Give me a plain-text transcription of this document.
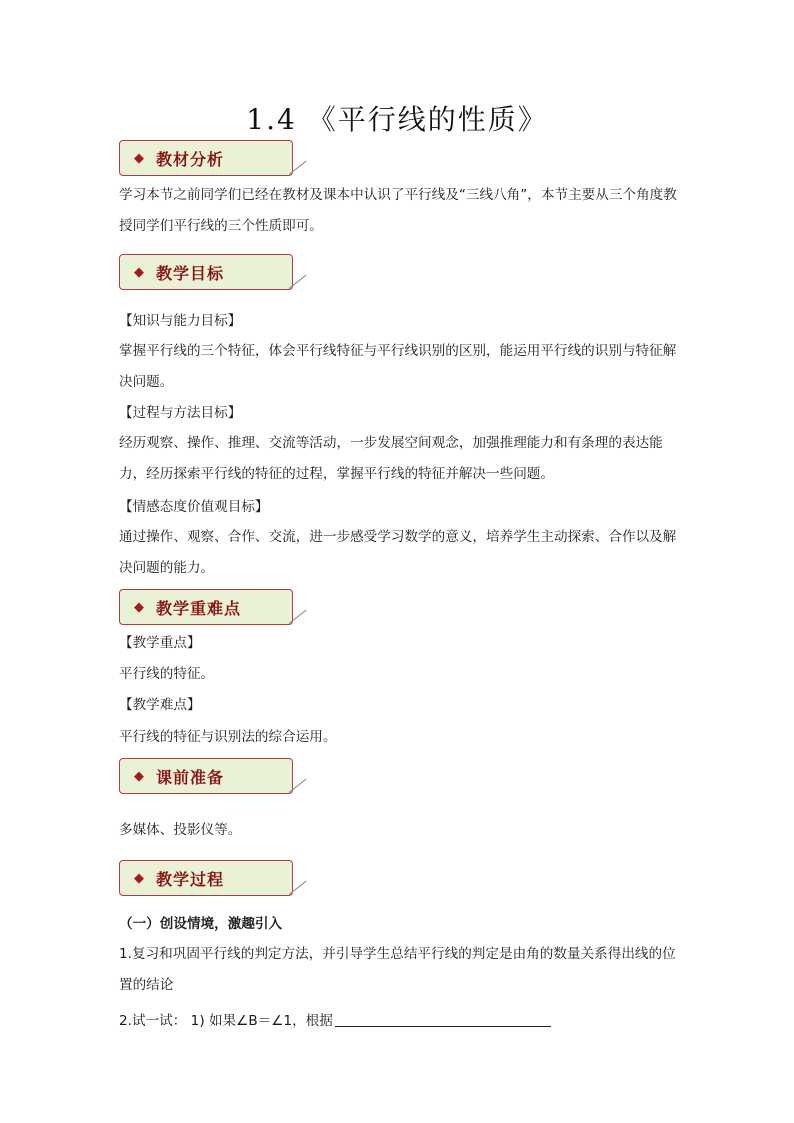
1.4 《平行线的性质》
◆ 教材分析

学习本节之前同学们已经在教材及课本中认识了平行线及“三线八角”，本节主要从三个角度教授同学们平行线的三个性质即可。

◆ 教学目标
【知识与能力目标】

掌握平行线的三个特征，体会平行线特征与平行线识别的区别，能运用平行线的识别与特征解决问题。

【过程与方法目标】

经历观察、操作、推理、交流等活动，一步发展空间观念，加强推理能力和有条理的表达能力，经历探索平行线的特征的过程，掌握平行线的特征并解决一些问题。

【情感态度价值观目标】

通过操作、观察、合作、交流，进一步感受学习数学的意义，培养学生主动探索、合作以及解决问题的能力。

◆ 教学重难点
【教学重点】
平行线的特征。
【教学难点】
平行线的特征与识别法的综合运用。
◆ 课前准备
多媒体、投影仪等。
◆ 教学过程
（一）创设情境，激趣引入

1.复习和巩固平行线的判定方法，并引导学生总结平行线的判定是由角的数量关系得出线的位置的结论

2.试一试： 1) 如果∠B＝∠1，根据
